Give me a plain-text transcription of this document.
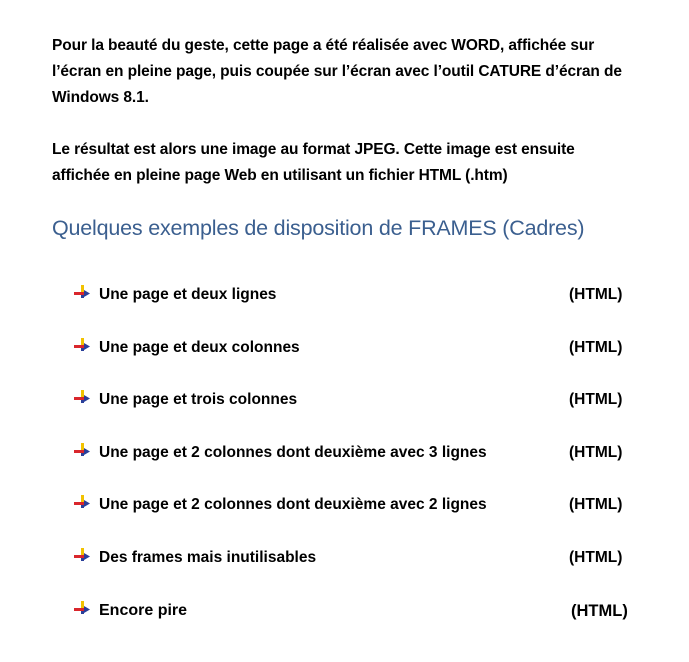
Pour la beauté du geste, cette page a été réalisée avec WORD, affichée sur
l’écran en pleine page, puis coupée sur l’écran avec l’outil CATURE d’écran de
Windows 8.1.
Le résultat est alors une image au format JPEG. Cette image est ensuite
affichée en pleine page Web en utilisant un fichier HTML (.htm)
Quelques exemples de disposition de FRAMES (Cadres)
Une page et deux lignes	(HTML)
Une page et deux colonnes	(HTML)
Une page et trois colonnes	(HTML)
Une page et 2 colonnes dont deuxième avec 3 lignes	(HTML)
Une page et 2 colonnes dont deuxième avec 2 lignes	(HTML)
Des frames mais inutilisables	(HTML)
Encore pire	(HTML)
